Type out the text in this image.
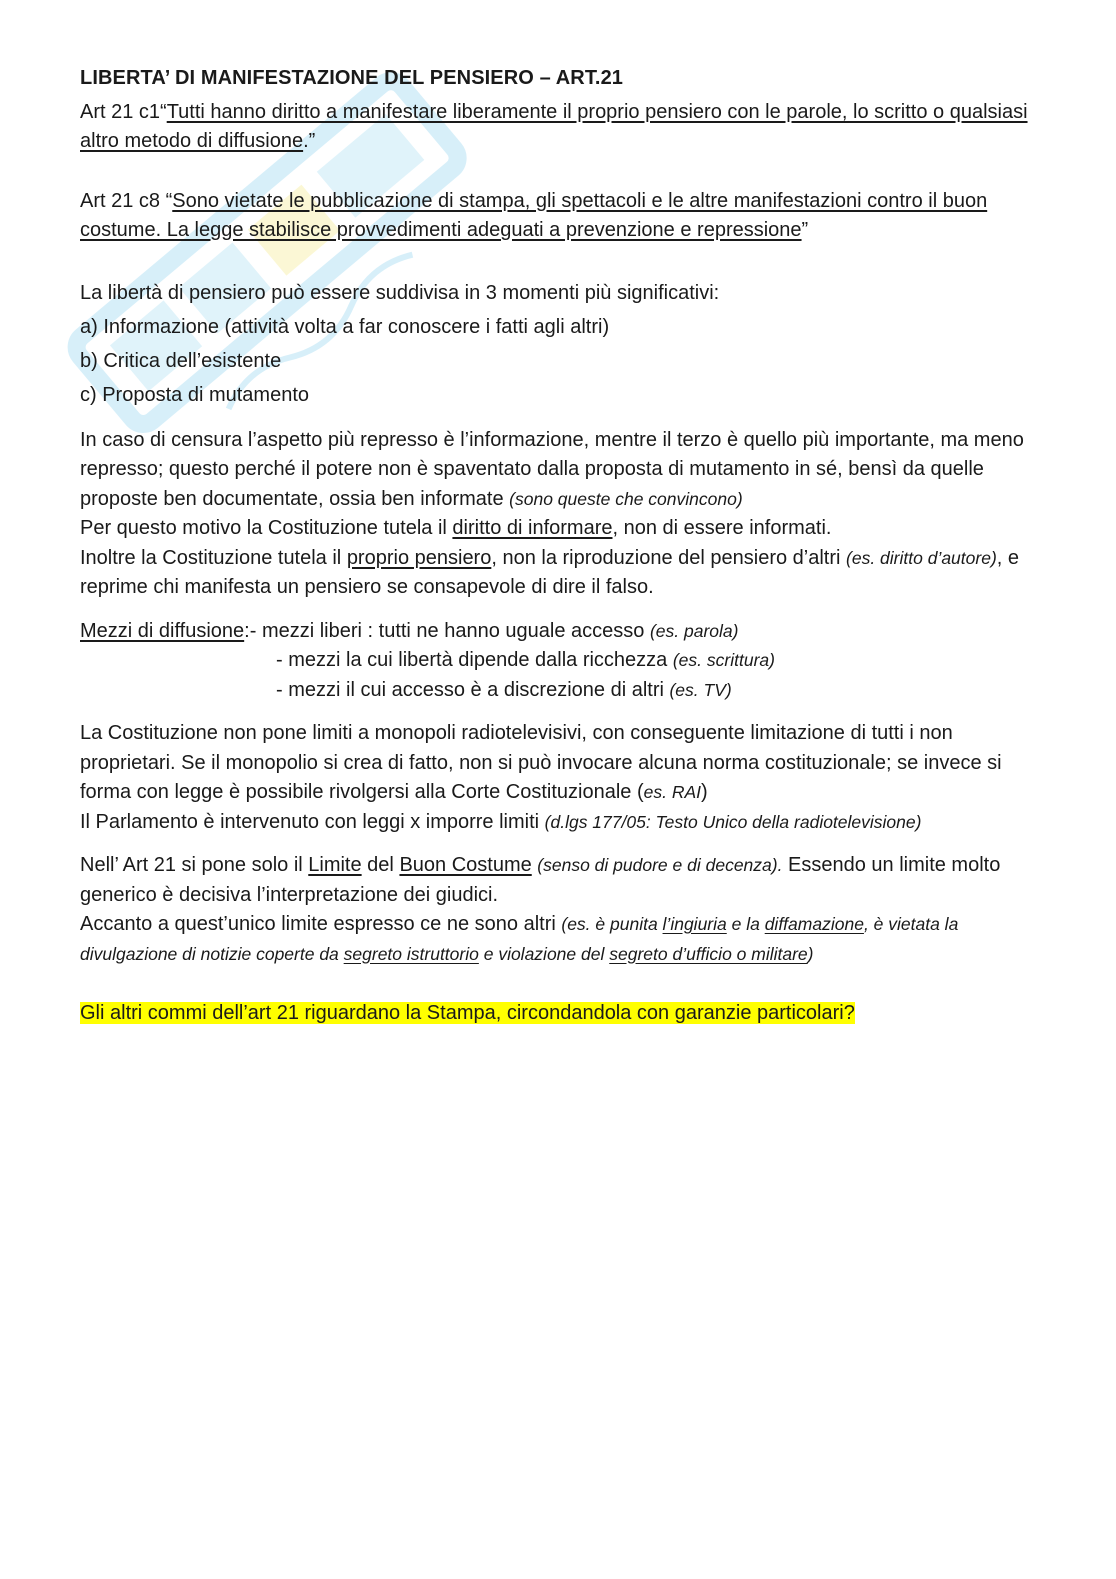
LIBERTA’ DI MANIFESTAZIONE DEL PENSIERO – ART.21

Art 21 c1“Tutti hanno diritto a manifestare liberamente il proprio pensiero con le parole, lo scritto o qualsiasi altro metodo di diffusione.”

Art 21 c8 “Sono vietate le pubblicazione di stampa, gli spettacoli e le altre manifestazioni contro il buon costume. La legge stabilisce provvedimenti adeguati a prevenzione e repressione”

La libertà di pensiero può essere suddivisa in 3 momenti più significativi:

a) Informazione (attività volta a far conoscere i fatti agli altri)

b) Critica dell’esistente

c) Proposta di mutamento

In caso di censura l’aspetto più represso è l’informazione, mentre il terzo è quello più importante, ma meno represso; questo perché il potere non è spaventato dalla proposta di mutamento in sé, bensì da quelle proposte ben documentate, ossia ben informate (sono queste che convincono)
Per questo motivo la Costituzione tutela il diritto di informare, non di essere informati.
Inoltre la Costituzione tutela il proprio pensiero, non la riproduzione del pensiero d’altri (es. diritto d’autore), e reprime chi manifesta un pensiero se consapevole di dire il falso.

Mezzi di diffusione: - mezzi liberi : tutti ne hanno uguale accesso (es. parola)
- mezzi la cui libertà dipende dalla ricchezza (es. scrittura)
- mezzi il cui accesso è a discrezione di altri (es. TV)

La Costituzione non pone limiti a monopoli radiotelevisivi, con conseguente limitazione di tutti i non proprietari. Se il monopolio si crea di fatto, non si può invocare alcuna norma costituzionale; se invece si forma con legge è possibile rivolgersi alla Corte Costituzionale (es. RAI)
Il Parlamento è intervenuto con leggi x imporre limiti (d.lgs 177/05: Testo Unico della radiotelevisione)

Nell’ Art 21 si pone solo il Limite del Buon Costume (senso di pudore e di decenza). Essendo un limite molto generico è decisiva l’interpretazione dei giudici.
Accanto a quest’unico limite espresso ce ne sono altri (es. è punita l’ingiuria e la diffamazione, è vietata la divulgazione di notizie coperte da segreto istruttorio e violazione del segreto d’ufficio o militare)

Gli altri commi dell’art 21 riguardano la Stampa, circondandola con garanzie particolari?
